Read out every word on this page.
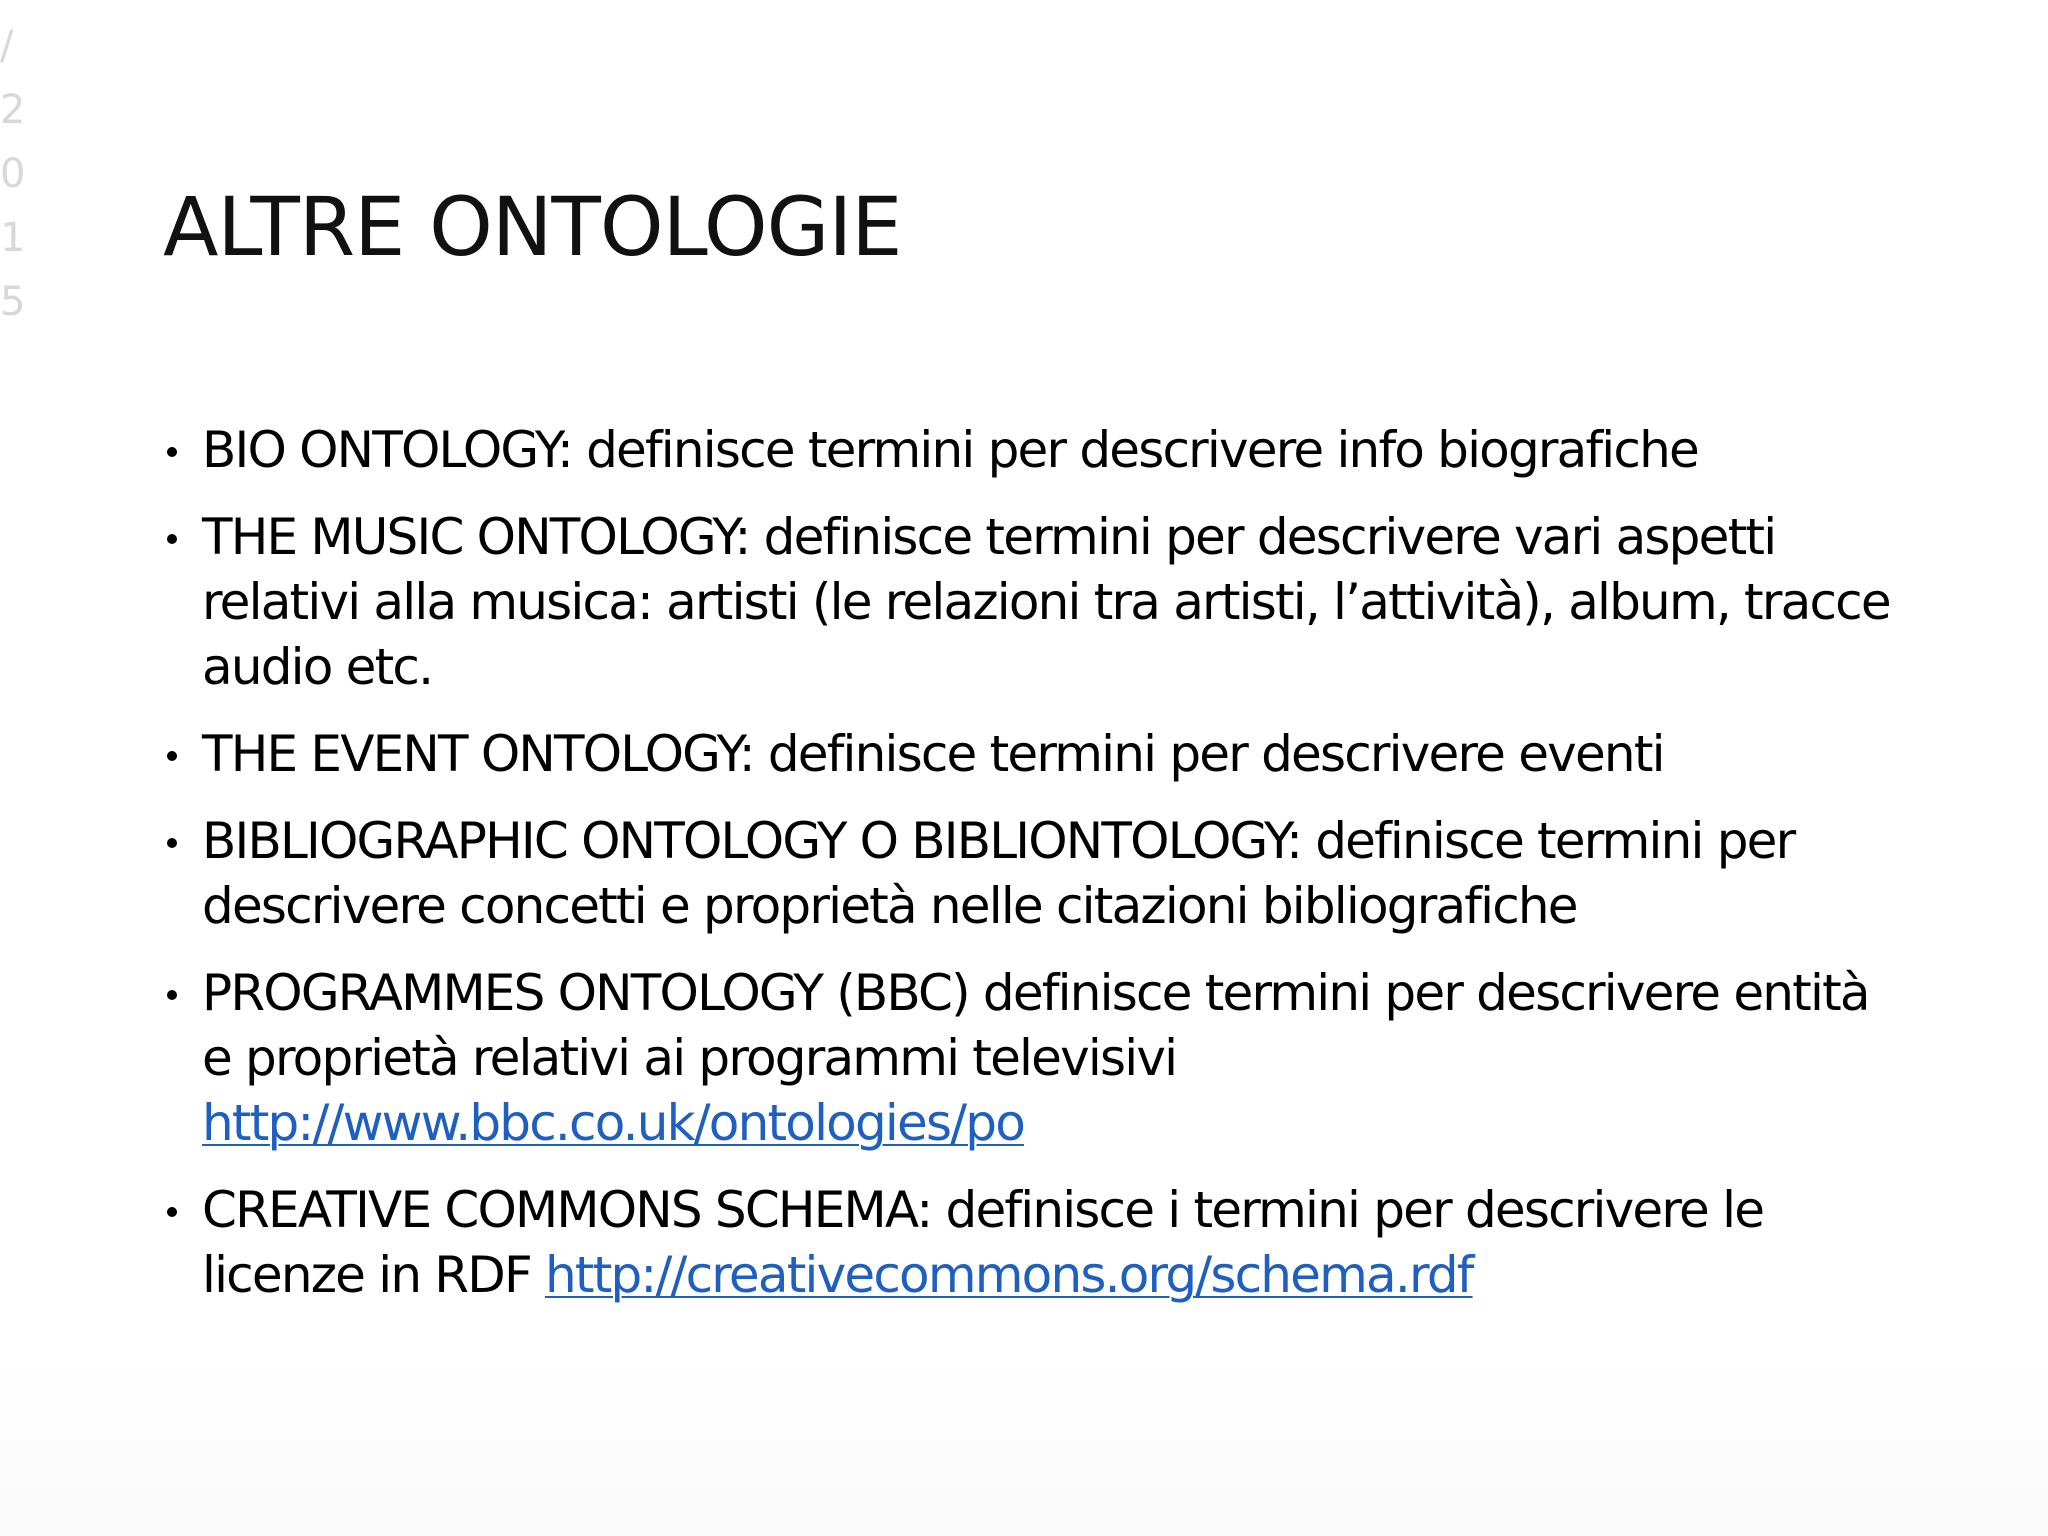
/
2
0
1
5
ALTRE ONTOLOGIE
BIO ONTOLOGY: definisce termini per descrivere info biografiche
THE MUSIC ONTOLOGY: definisce termini per descrivere vari aspetti relativi alla musica: artisti (le relazioni tra artisti, l’attività), album, tracce audio etc.
THE EVENT ONTOLOGY: definisce termini per descrivere eventi
BIBLIOGRAPHIC ONTOLOGY O BIBLIONTOLOGY: definisce termini per descrivere concetti e proprietà nelle citazioni bibliografiche
PROGRAMMES ONTOLOGY (BBC) definisce termini per descrivere entità e proprietà relativi ai programmi televisivi http://www.bbc.co.uk/ontologies/po
CREATIVE COMMONS SCHEMA: definisce i termini per descrivere le licenze in RDF http://creativecommons.org/schema.rdf
